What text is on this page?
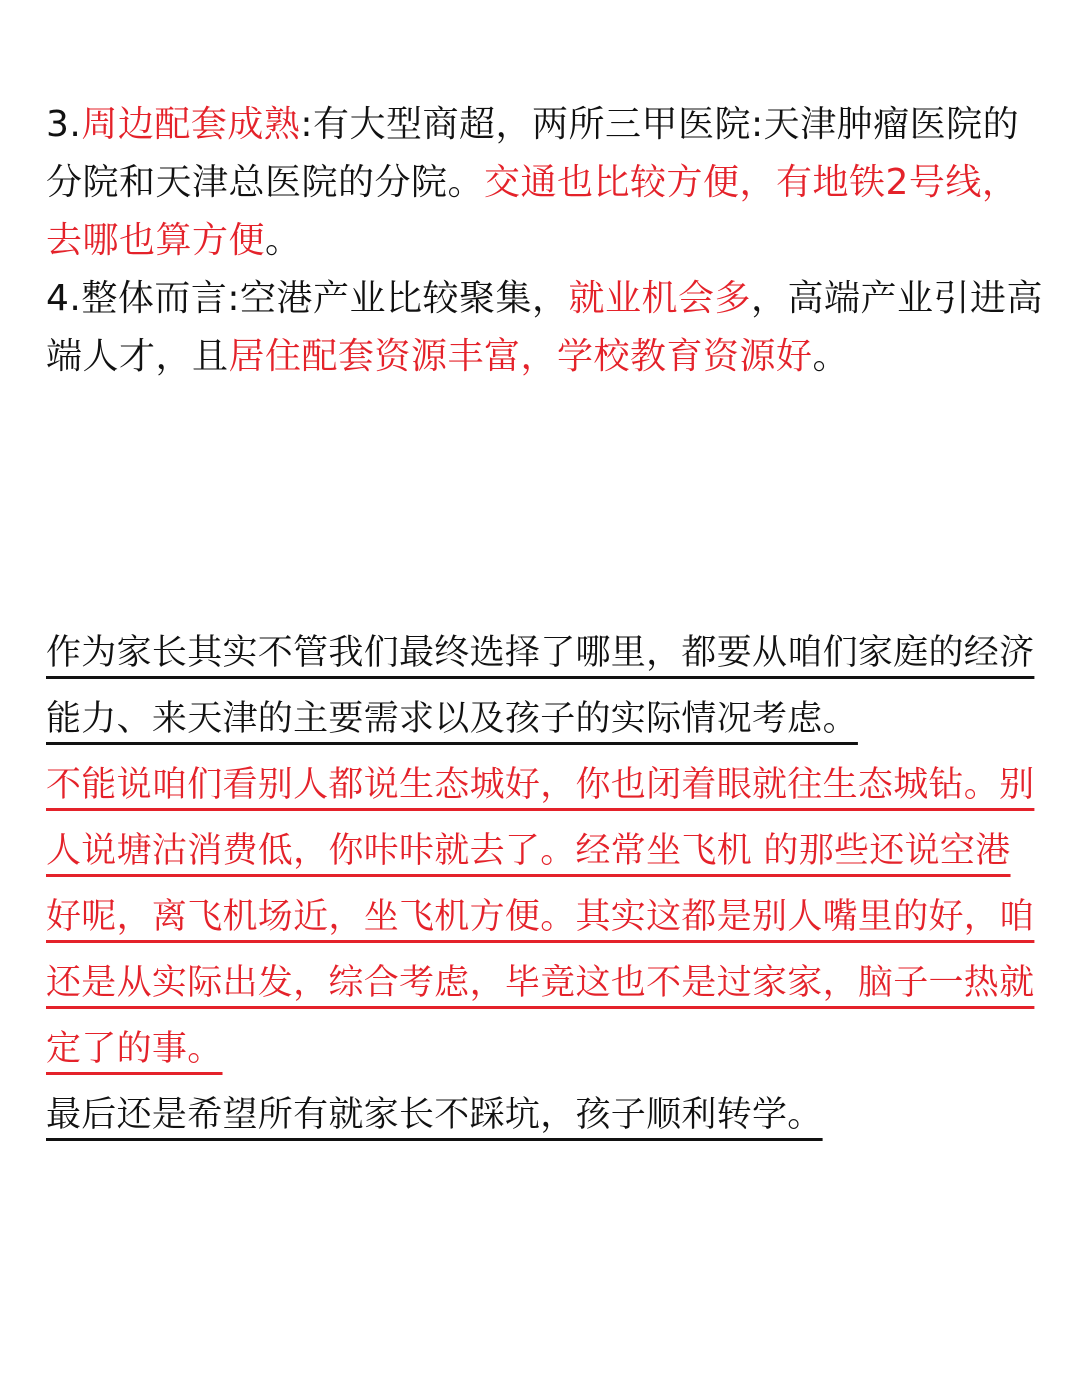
3.周边配套成熟:有大型商超，两所三甲医院:天津肿瘤医院的分院和天津总医院的分院。交通也比较方便，有地铁2号线，去哪也算方便。

4.整体而言:空港产业比较聚集，就业机会多，高端产业引进高端人才，且居住配套资源丰富，学校教育资源好。

作为家长其实不管我们最终选择了哪里，都要从咱们家庭的经济能力、来天津的主要需求以及孩子的实际情况考虑。

不能说咱们看别人都说生态城好，你也闭着眼就往生态城钻。别人说塘沽消费低，你咔咔就去了。经常坐飞机 的那些还说空港好呢，离飞机场近，坐飞机方便。其实这都是别人嘴里的好，咱还是从实际出发，综合考虑，毕竟这也不是过家家，脑子一热就定了的事。

最后还是希望所有就家长不踩坑，孩子顺利转学。
